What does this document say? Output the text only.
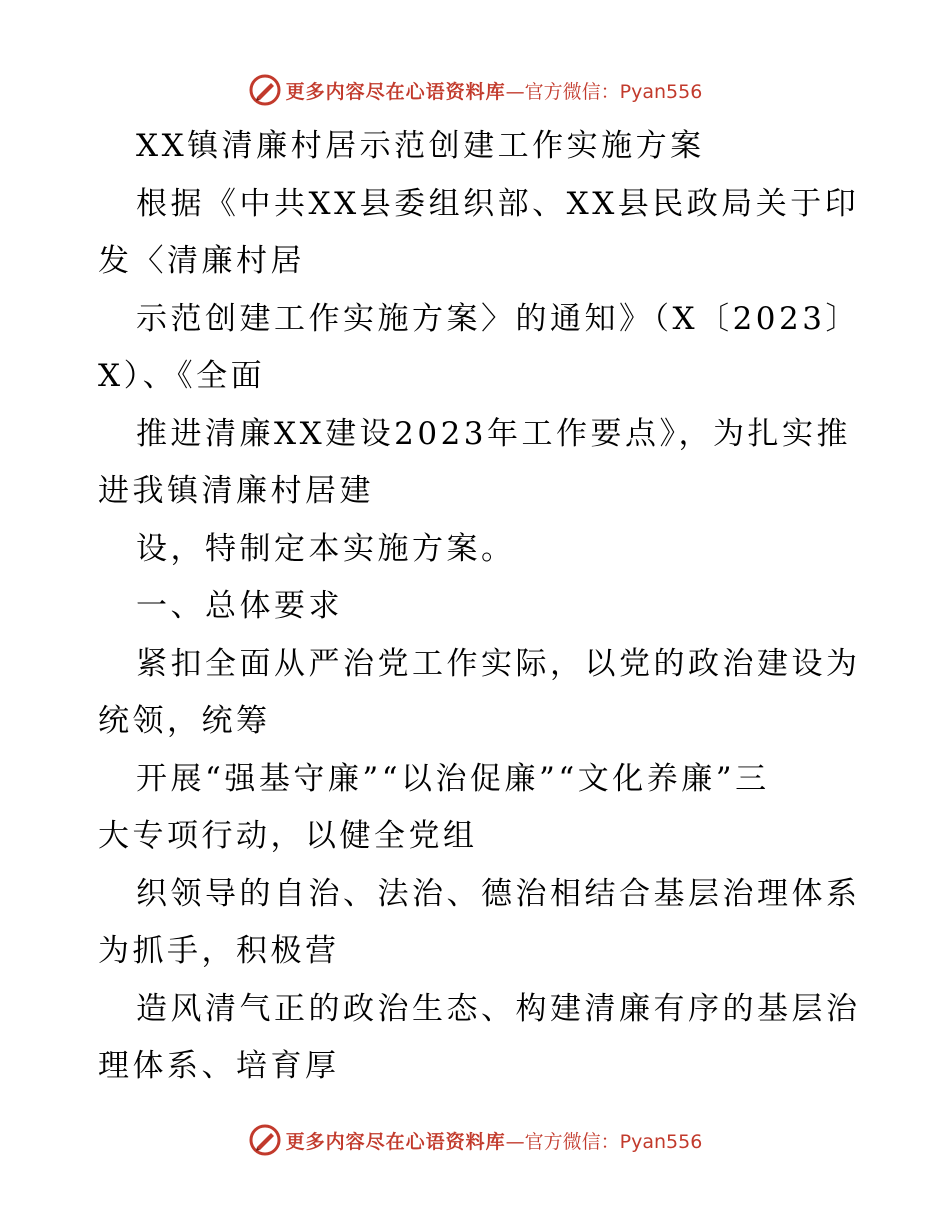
更多内容尽在心语资料库 —官方微信：Pyan556
XX镇清廉村居示范创建工作实施方案
根据《中共XX县委组织部、XX县民政局关于印
发〈清廉村居
示范创建工作实施方案〉的通知》（X〔2023〕
X）、《全面
推进清廉XX建设2023年工作要点》，为扎实推
进我镇清廉村居建
设，特制定本实施方案。
一、总体要求
紧扣全面从严治党工作实际，以党的政治建设为
统领，统筹
开展“强基守廉”“以治促廉”“文化养廉”三
大专项行动，以健全党组
织领导的自治、法治、德治相结合基层治理体系
为抓手，积极营
造风清气正的政治生态、构建清廉有序的基层治
理体系、培育厚
更多内容尽在心语资料库 —官方微信：Pyan556
